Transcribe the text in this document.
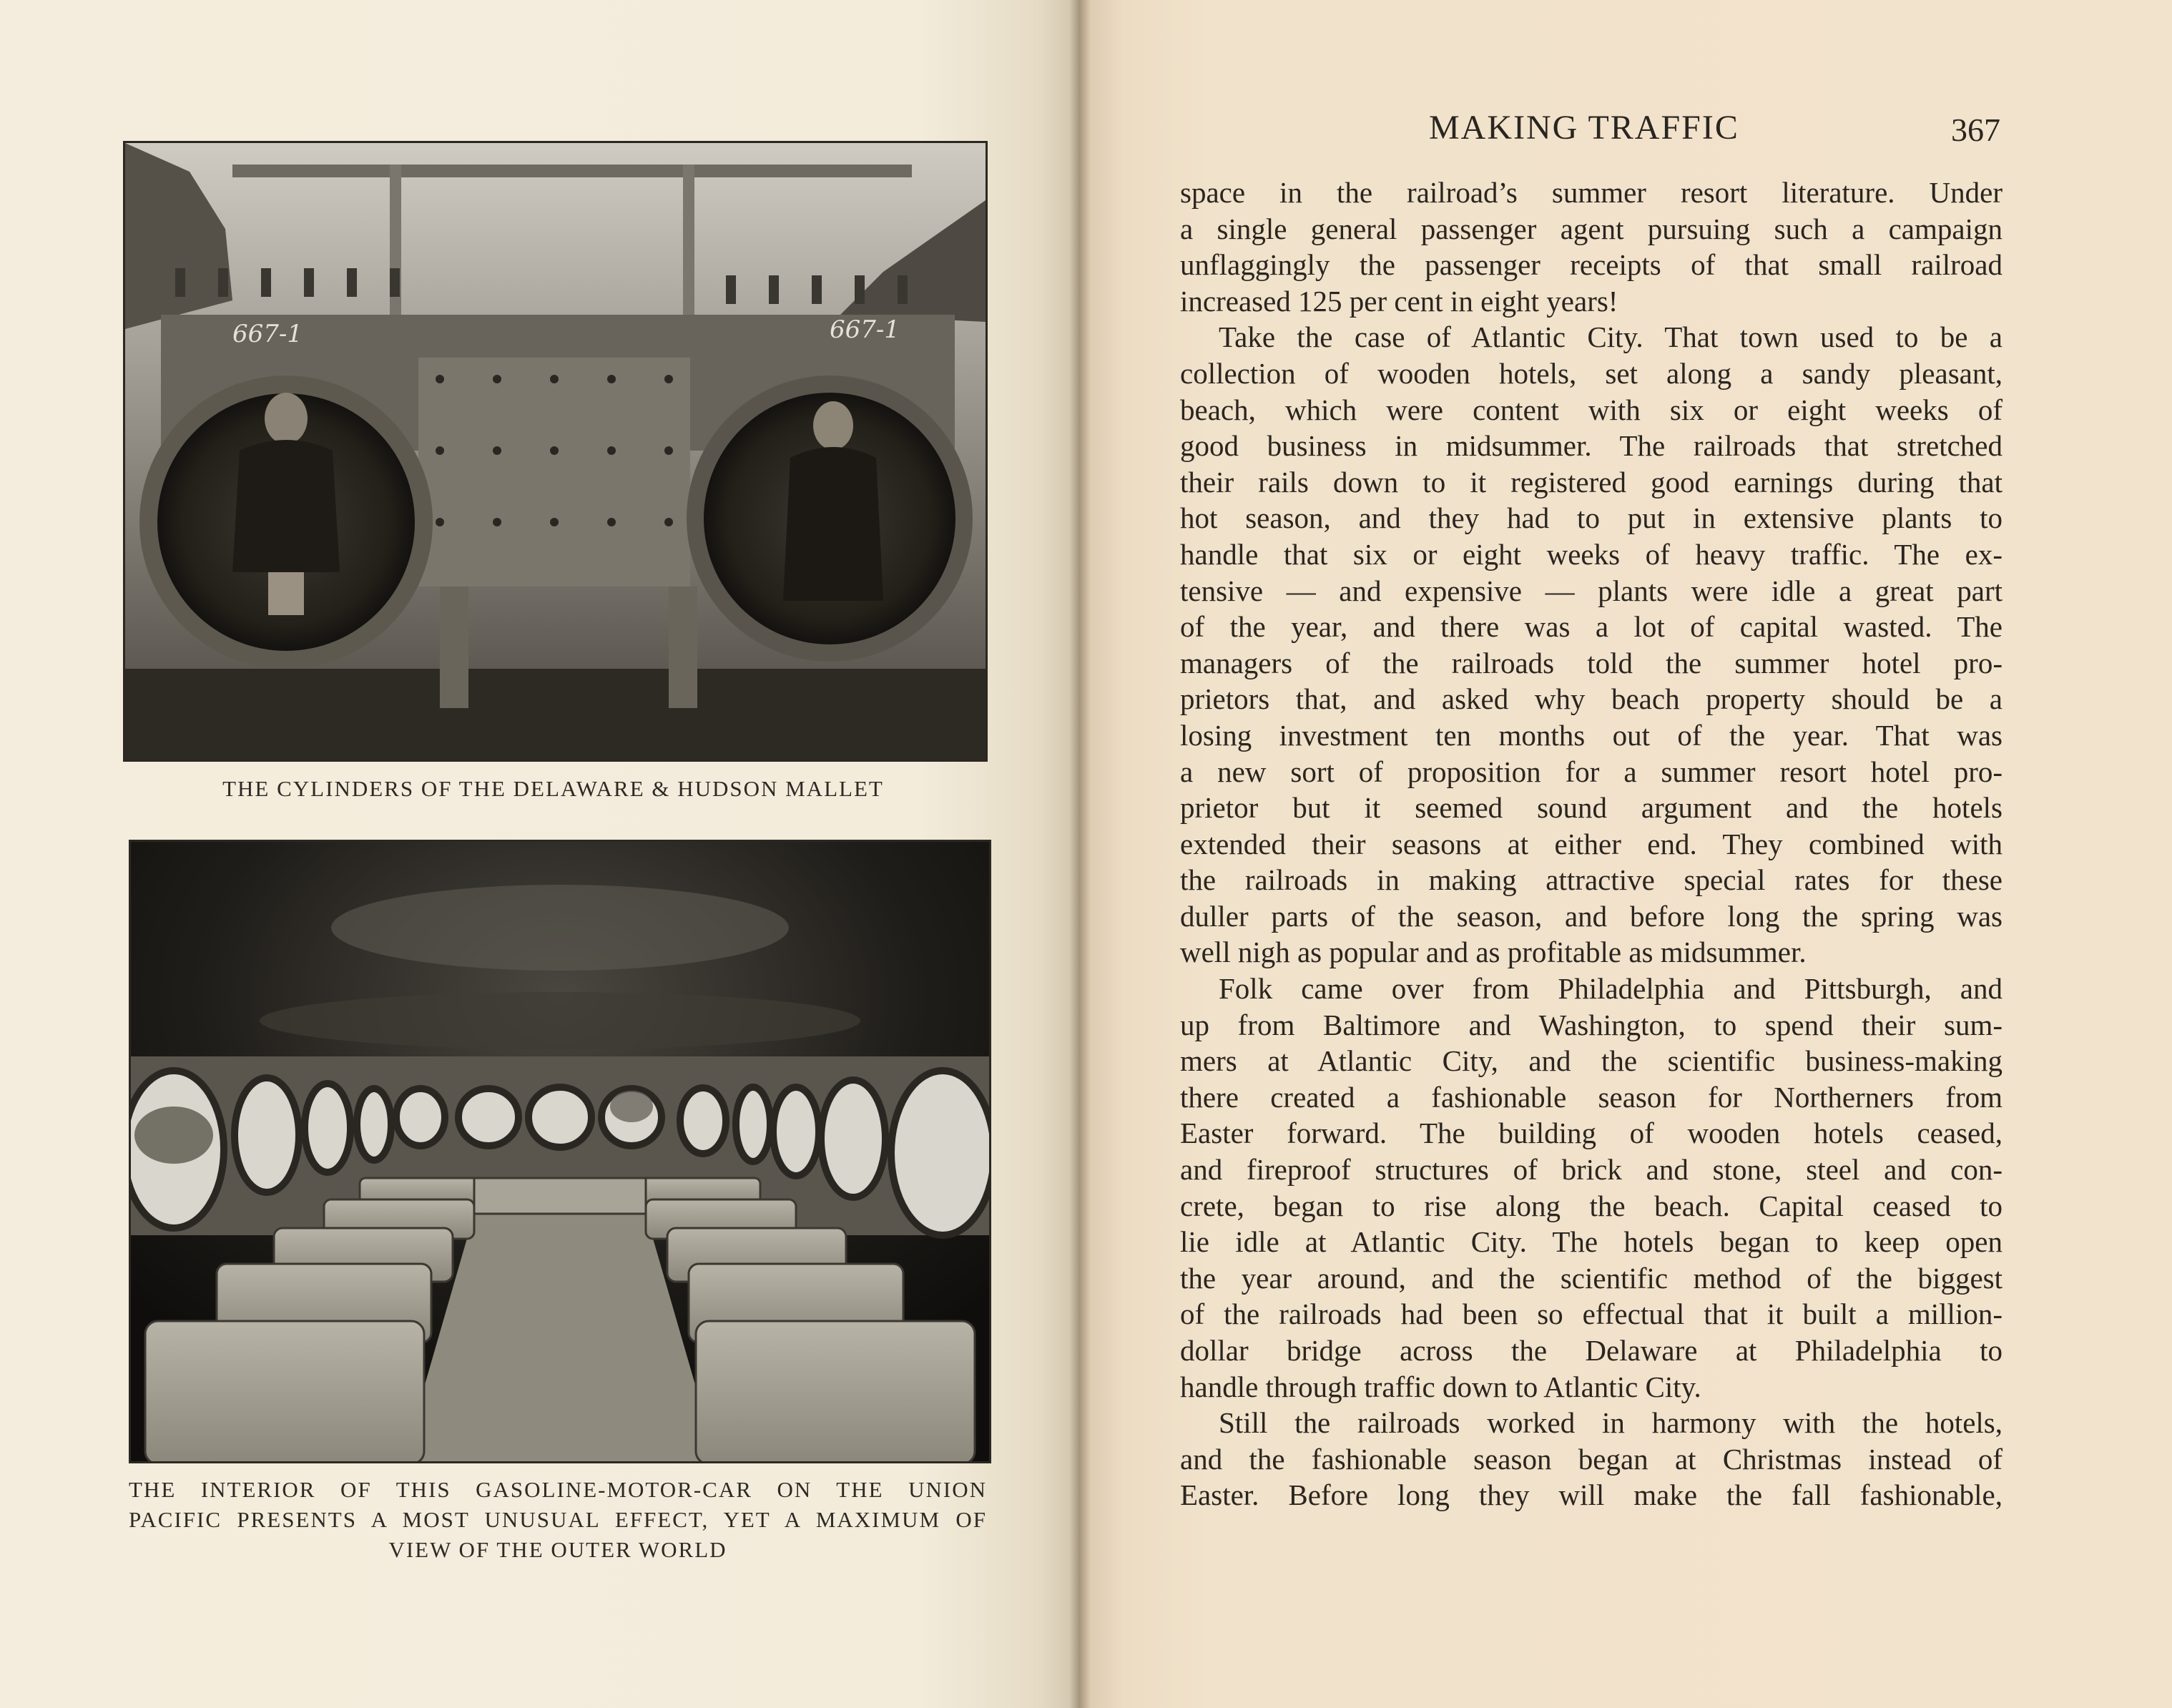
667-1	667-1
THE CYLINDERS OF THE DELAWARE & HUDSON MALLET
THE INTERIOR OF THIS GASOLINE-MOTOR-CAR ON THE UNION
PACIFIC PRESENTS A MOST UNUSUAL EFFECT, YET A MAXIMUM OF
VIEW OF THE OUTER WORLD
MAKING TRAFFIC	367
space in the railroad’s summer resort literature. Under
a single general passenger agent pursuing such a campaign
unflaggingly the passenger receipts of that small railroad
increased 125 per cent in eight years!
Take the case of Atlantic City. That town used to be a
collection of wooden hotels, set along a sandy pleasant,
beach, which were content with six or eight weeks of
good business in midsummer. The railroads that stretched
their rails down to it registered good earnings during that
hot season, and they had to put in extensive plants to
handle that six or eight weeks of heavy traffic. The ex-
tensive — and expensive — plants were idle a great part
of the year, and there was a lot of capital wasted. The
managers of the railroads told the summer hotel pro-
prietors that, and asked why beach property should be a
losing investment ten months out of the year. That was
a new sort of proposition for a summer resort hotel pro-
prietor but it seemed sound argument and the hotels
extended their seasons at either end. They combined with
the railroads in making attractive special rates for these
duller parts of the season, and before long the spring was
well nigh as popular and as profitable as midsummer.
Folk came over from Philadelphia and Pittsburgh, and
up from Baltimore and Washington, to spend their sum-
mers at Atlantic City, and the scientific business-making
there created a fashionable season for Northerners from
Easter forward. The building of wooden hotels ceased,
and fireproof structures of brick and stone, steel and con-
crete, began to rise along the beach. Capital ceased to
lie idle at Atlantic City. The hotels began to keep open
the year around, and the scientific method of the biggest
of the railroads had been so effectual that it built a million-
dollar bridge across the Delaware at Philadelphia to
handle through traffic down to Atlantic City.
Still the railroads worked in harmony with the hotels,
and the fashionable season began at Christmas instead of
Easter. Before long they will make the fall fashionable,
